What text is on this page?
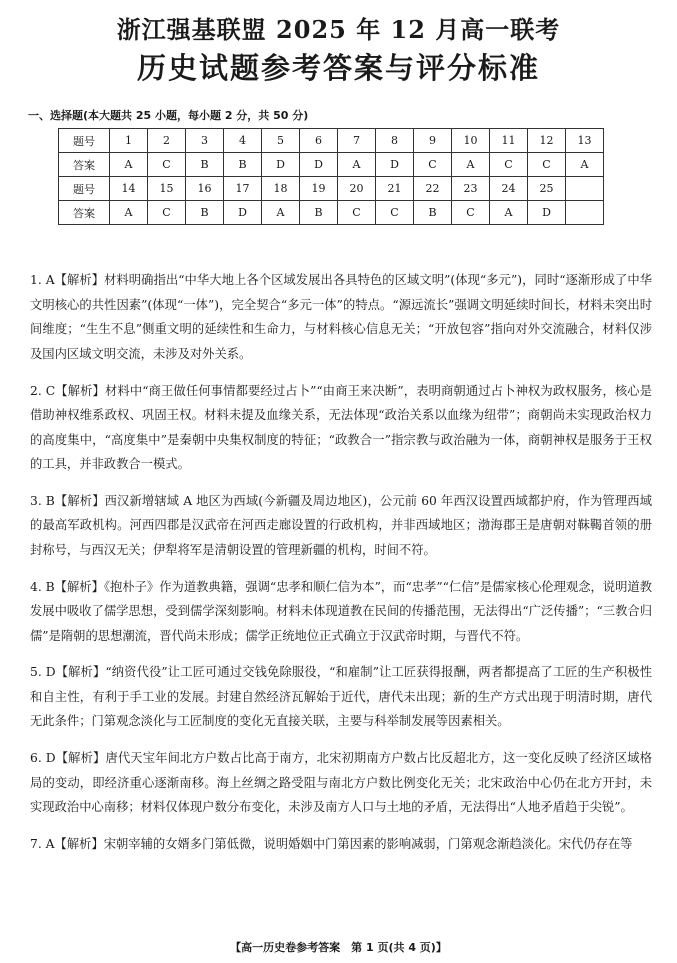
浙江强基联盟 2025 年 12 月高一联考
历史试题参考答案与评分标准
一、选择题(本大题共 25 小题，每小题 2 分，共 50 分)
题号	1	2	3	4	5	6	7	8	9	10	11	12	13
答案	A	C	B	B	D	D	A	D	C	A	C	C	A
题号	14	15	16	17	18	19	20	21	22	23	24	25	
答案	A	C	B	D	A	B	C	C	B	C	A	D	

1. A【解析】材料明确指出“中华大地上各个区域发展出各具特色的区域文明”(体现“多元”)，同时“逐渐形成了中华文明核心的共性因素”(体现“一体”)，完全契合“多元一体”的特点。“源远流长”强调文明延续时间长，材料未突出时间维度；“生生不息”侧重文明的延续性和生命力，与材料核心信息无关；“开放包容”指向对外交流融合，材料仅涉及国内区域文明交流，未涉及对外关系。

2. C【解析】材料中“商王做任何事情都要经过占卜”“由商王来决断”，表明商朝通过占卜神权为政权服务，核心是借助神权维系政权、巩固王权。材料未提及血缘关系，无法体现“政治关系以血缘为纽带”；商朝尚未实现政治权力的高度集中，“高度集中”是秦朝中央集权制度的特征；“政教合一”指宗教与政治融为一体，商朝神权是服务于王权的工具，并非政教合一模式。

3. B【解析】西汉新增辖域 A 地区为西域(今新疆及周边地区)，公元前 60 年西汉设置西域都护府，作为管理西域的最高军政机构。河西四郡是汉武帝在河西走廊设置的行政机构，并非西域地区；渤海郡王是唐朝对靺鞨首领的册封称号，与西汉无关；伊犁将军是清朝设置的管理新疆的机构，时间不符。

4. B【解析】《抱朴子》作为道教典籍，强调“忠孝和顺仁信为本”，而“忠孝”“仁信”是儒家核心伦理观念，说明道教发展中吸收了儒学思想，受到儒学深刻影响。材料未体现道教在民间的传播范围，无法得出“广泛传播”；“三教合归儒”是隋朝的思想潮流，晋代尚未形成；儒学正统地位正式确立于汉武帝时期，与晋代不符。

5. D【解析】“纳资代役”让工匠可通过交钱免除服役，“和雇制”让工匠获得报酬，两者都提高了工匠的生产积极性和自主性，有利于手工业的发展。封建自然经济瓦解始于近代，唐代未出现；新的生产方式出现于明清时期，唐代无此条件；门第观念淡化与工匠制度的变化无直接关联，主要与科举制发展等因素相关。

6. D【解析】唐代天宝年间北方户数占比高于南方，北宋初期南方户数占比反超北方，这一变化反映了经济区域格局的变动，即经济重心逐渐南移。海上丝绸之路受阻与南北方户数比例变化无关；北宋政治中心仍在北方开封，未实现政治中心南移；材料仅体现户数分布变化，未涉及南方人口与土地的矛盾，无法得出“人地矛盾趋于尖锐”。

7. A【解析】宋朝宰辅的女婿多门第低微，说明婚姻中门第因素的影响减弱，门第观念渐趋淡化。宋代仍存在等

【高一历史卷参考答案　第 1 页(共 4 页)】
